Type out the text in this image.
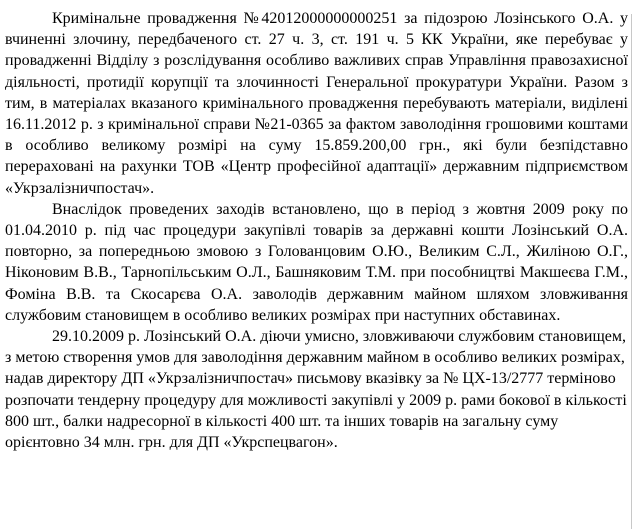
Кримінальне провадження №42012000000000251 за підозрою Лозінського О.А. у вчиненні злочину, передбаченого ст. 27 ч. 3, ст. 191 ч. 5 КК України, яке перебуває у провадженні Відділу з розслідування особливо важливих справ Управління правозахисної діяльності, протидії корупції та злочинності Генеральної прокуратури України. Разом з тим, в матеріалах вказаного кримінального провадження перебувають матеріали, виділені 16.11.2012 р. з кримінальної справи №21-0365 за фактом заволодіння грошовими коштами в особливо великому розмірі на суму 15.859.200,00 грн., які були безпідставно перераховані на рахунки ТОВ «Центр професійної адаптації» державним підприємством «Укрзалізничпостач».

Внаслідок проведених заходів встановлено, що в період з жовтня 2009 року по 01.04.2010 р. під час процедури закупівлі товарів за державні кошти Лозінський О.А. повторно, за попередньою змовою з Голованцовим О.Ю., Великим С.Л., Жиліною О.Г., Ніконовим В.В., Тарнопільським О.Л., Башняковим Т.М. при пособництві Макшеєва Г.М., Фоміна В.В. та Скосарєва О.А. заволодів державним майном шляхом зловживання службовим становищем в особливо великих розмірах при наступних обставинах.

29.10.2009 р. Лозінський О.А. діючи умисно, зловживаючи службовим становищем, з метою створення умов для заволодіння державним майном в особливо великих розмірах, надав директору ДП «Укрзалізничпостач» письмову вказівку за № ЦХ-13/2777 терміново розпочати тендерну процедуру для можливості закупівлі у 2009 р. рами бокової в кількості 800 шт., балки надресорної в кількості 400 шт. та інших товарів на загальну суму орієнтовно 34 млн. грн. для ДП «Укрспецвагон».
